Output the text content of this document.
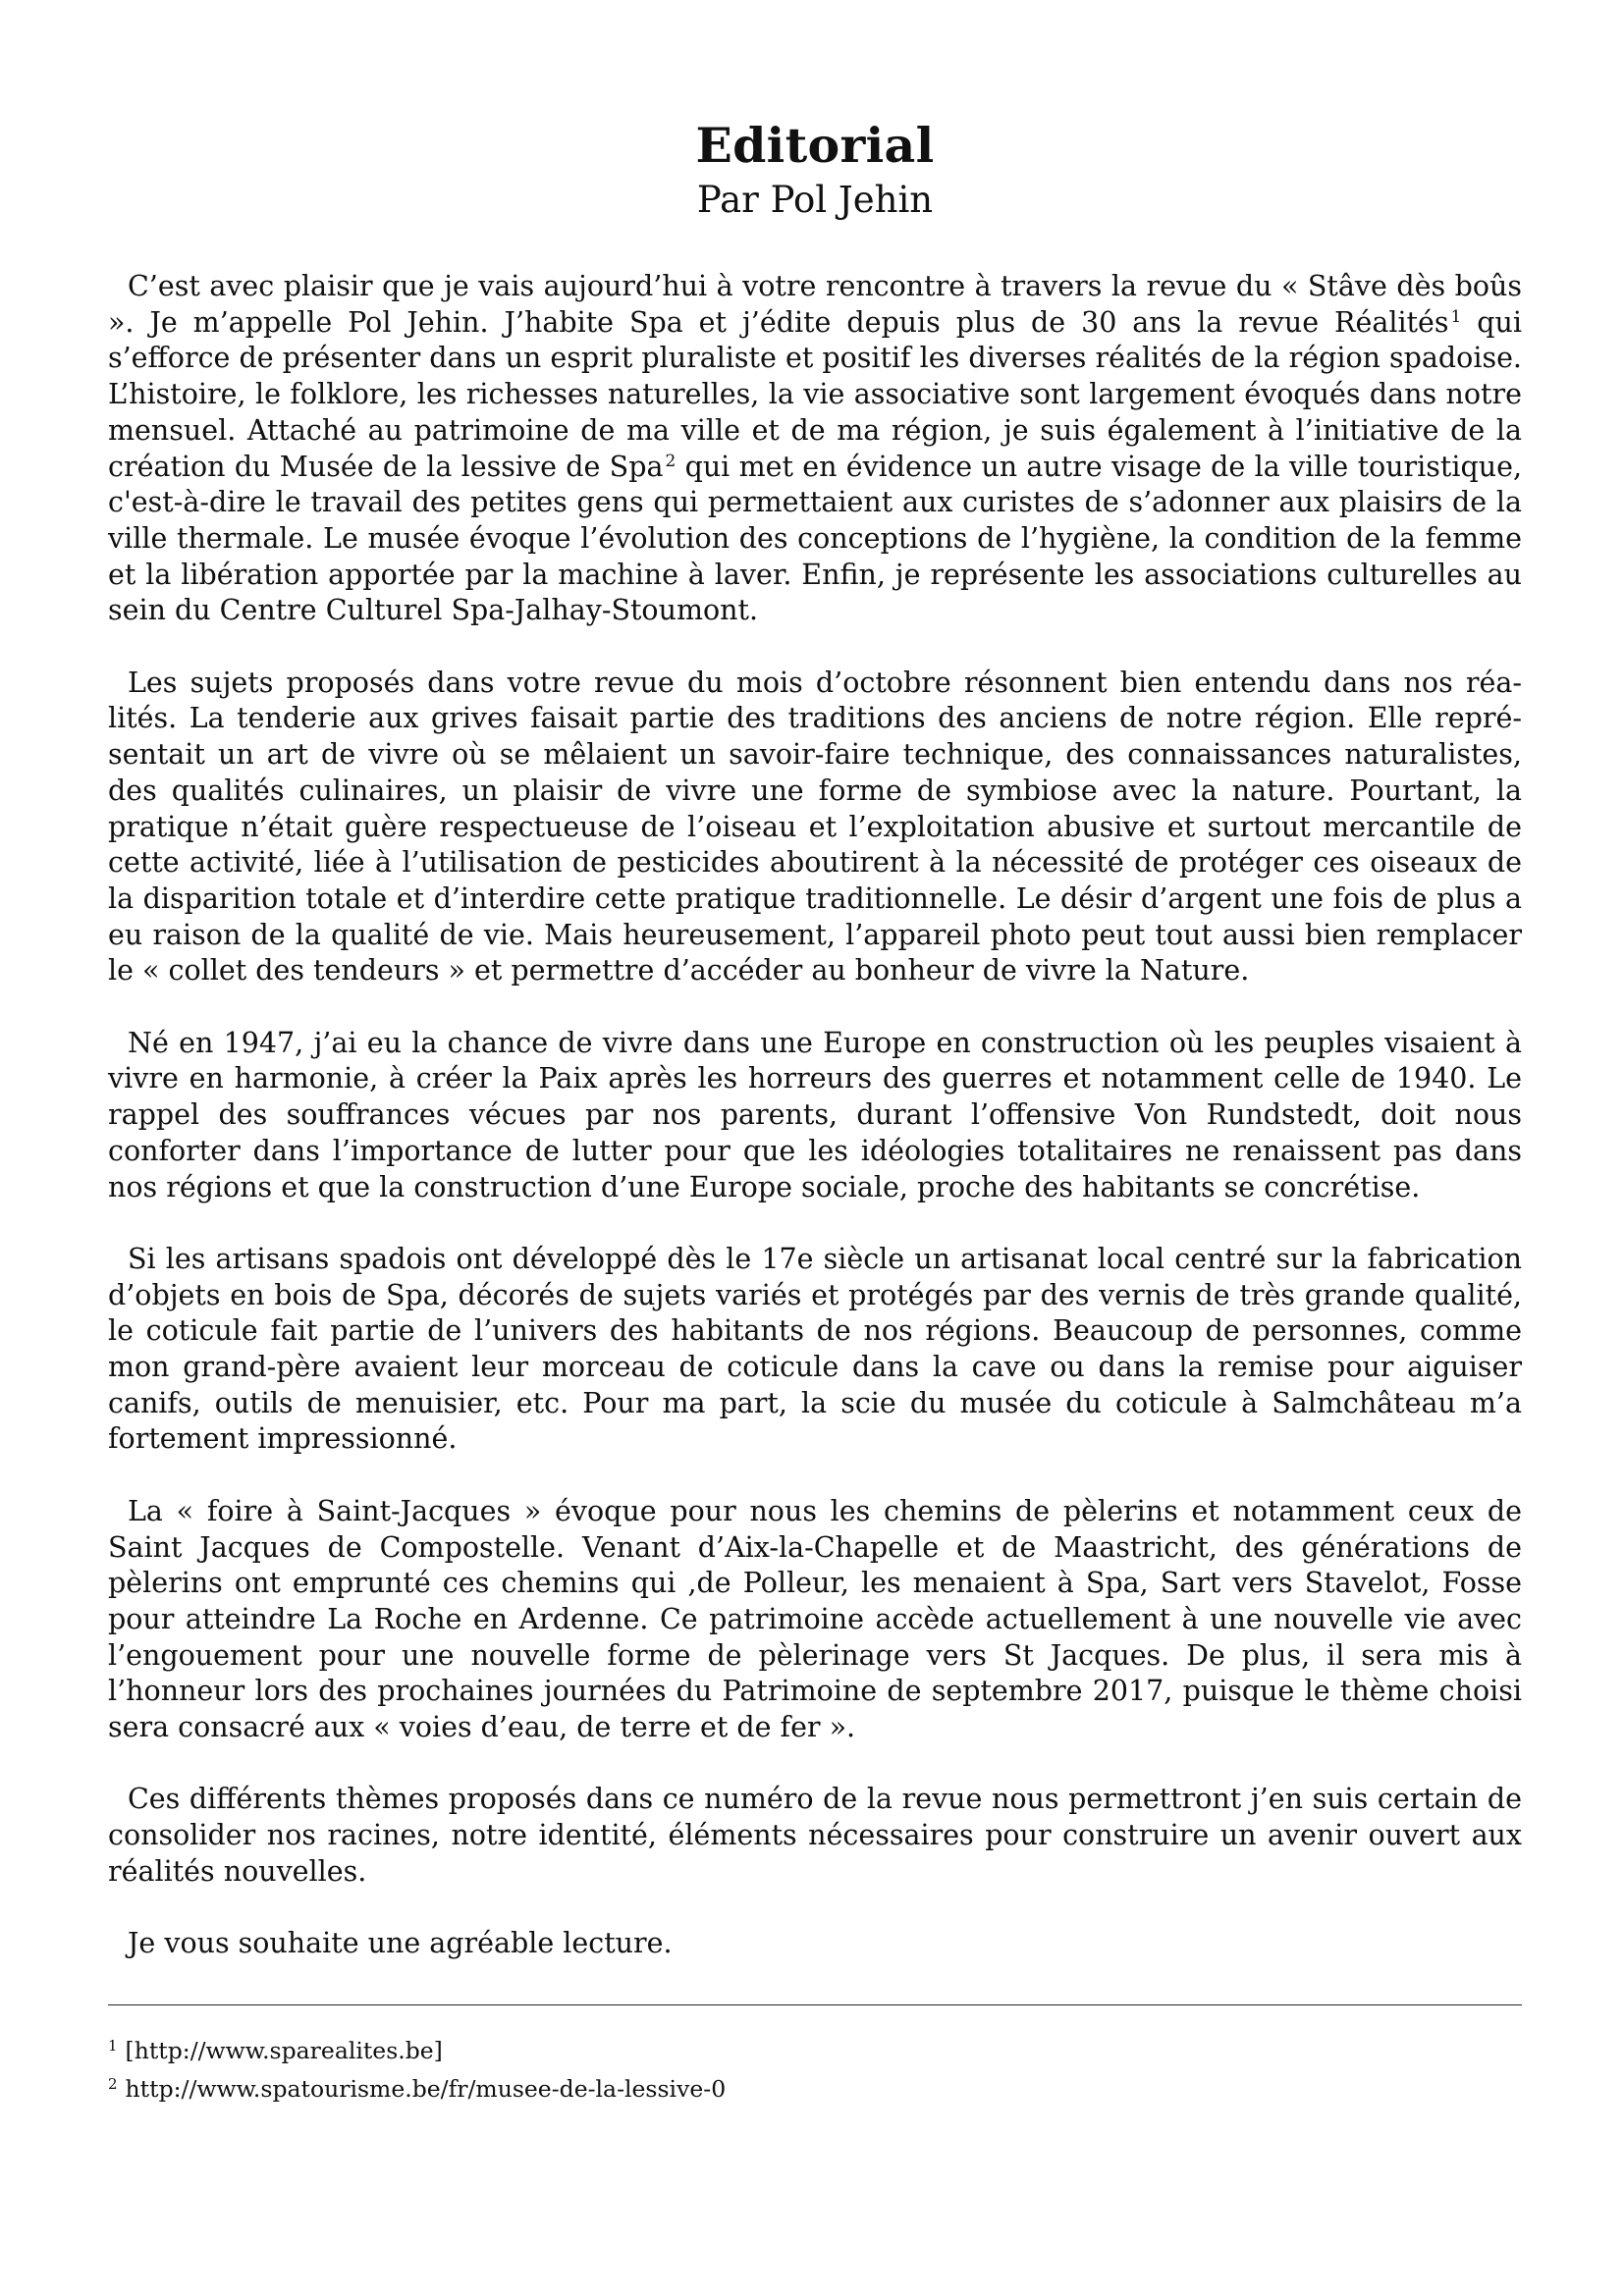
Editorial
Par Pol Jehin

C’est avec plaisir que je vais aujourd’hui à votre rencontre à travers la revue du « Stâve dès boûs ». Je m’appelle Pol Jehin. J’habite Spa et j’édite depuis plus de 30 ans la revue Réalités $^1$ qui s’efforce de présenter dans un esprit pluraliste et positif les diverses réalités de la région spadoise. L’histoire, le folklore, les richesses naturelles, la vie associative sont largement évoqués dans notre mensuel. Attaché au patrimoine de ma ville et de ma région, je suis également à l’initiative de la création du Musée de la lessive de Spa $^2$ qui met en évidence un autre visage de la ville touristique, c'est-à-dire le travail des petites gens qui permettaient aux curistes de s’adonner aux plaisirs de la ville thermale. Le musée évoque l’évolution des conceptions de l’hygiène, la condition de la femme et la libération apportée par la machine à laver. Enfin, je représente les associations culturelles au sein du Centre Culturel Spa-Jalhay-Stoumont.

Les sujets proposés dans votre revue du mois d’octobre résonnent bien entendu dans nos réalités. La tenderie aux grives faisait partie des traditions des anciens de notre région. Elle représentait un art de vivre où se mêlaient un savoir-faire technique, des connaissances naturalistes, des qualités culinaires, un plaisir de vivre une forme de symbiose avec la nature. Pourtant, la pratique n’était guère respectueuse de l’oiseau et l’exploitation abusive et surtout mercantile de cette activité, liée à l’utilisation de pesticides aboutirent à la nécessité de protéger ces oiseaux de la disparition totale et d’interdire cette pratique traditionnelle. Le désir d’argent une fois de plus a eu raison de la qualité de vie. Mais heureusement, l’appareil photo peut tout aussi bien remplacer le « collet des tendeurs » et permettre d’accéder au bonheur de vivre la Nature.

Né en 1947, j’ai eu la chance de vivre dans une Europe en construction où les peuples visaient à vivre en harmonie, à créer la Paix après les horreurs des guerres et notamment celle de 1940. Le rappel des souffrances vécues par nos parents, durant l’offensive Von Rundstedt, doit nous conforter dans l’importance de lutter pour que les idéologies totalitaires ne renaissent pas dans nos régions et que la construction d’une Europe sociale, proche des habitants se concrétise.

Si les artisans spadois ont développé dès le 17e siècle un artisanat local centré sur la fabrication d’objets en bois de Spa, décorés de sujets variés et protégés par des vernis de très grande qualité, le coticule fait partie de l’univers des habitants de nos régions. Beaucoup de personnes, comme mon grand-père avaient leur morceau de coticule dans la cave ou dans la remise pour aiguiser canifs, outils de menuisier, etc. Pour ma part, la scie du musée du coticule à Salmchâteau m’a fortement impressionné.

La « foire à Saint-Jacques » évoque pour nous les chemins de pèlerins et notamment ceux de Saint Jacques de Compostelle. Venant d’Aix-la-Chapelle et de Maastricht, des générations de pèlerins ont emprunté ces chemins qui ,de Polleur, les menaient à Spa, Sart vers Stavelot, Fosse pour atteindre La Roche en Ardenne. Ce patrimoine accède actuellement à une nouvelle vie avec l’engouement pour une nouvelle forme de pèlerinage vers St Jacques. De plus, il sera mis à l’honneur lors des prochaines journées du Patrimoine de septembre 2017, puisque le thème choisi sera consacré aux « voies d’eau, de terre et de fer ».

Ces différents thèmes proposés dans ce numéro de la revue nous permettront j’en suis certain de consolider nos racines, notre identité, éléments nécessaires pour construire un avenir ouvert aux réalités nouvelles.

Je vous souhaite une agréable lecture.

$^1$ [http://www.sparealites.be]
$^2$ http://www.spatourisme.be/fr/musee-de-la-lessive-0
